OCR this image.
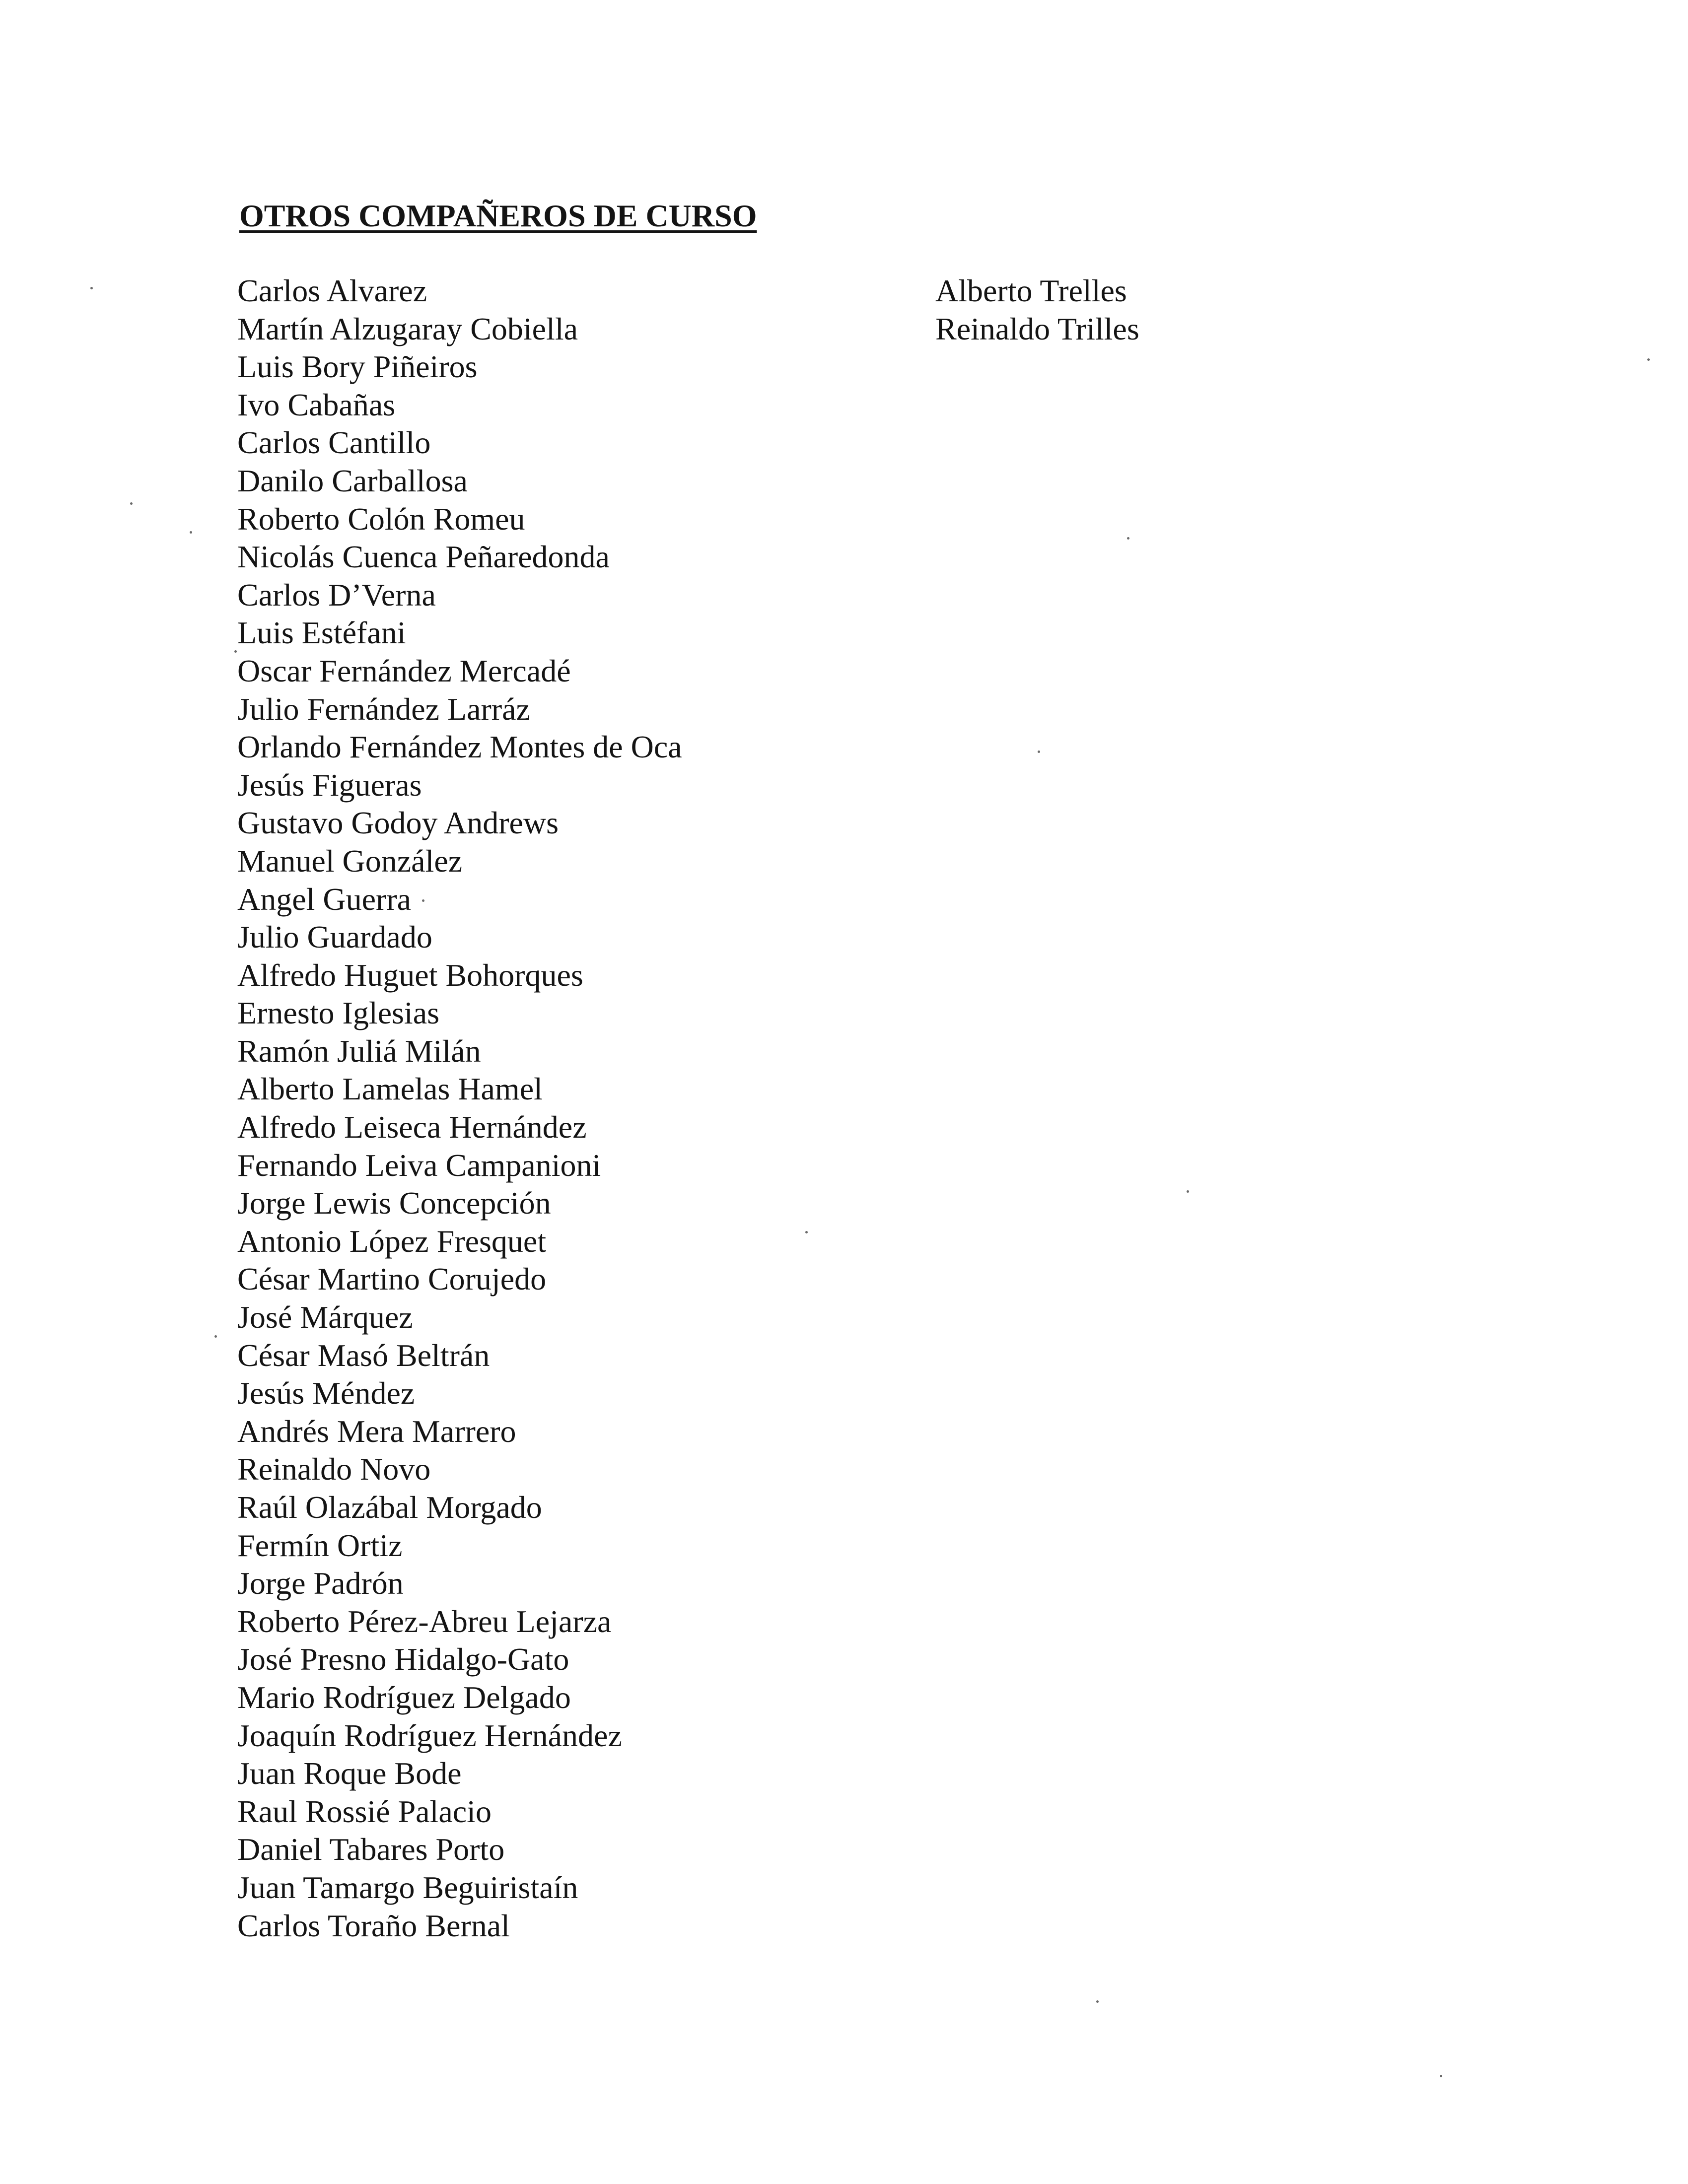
OTROS COMPAÑEROS DE CURSO
Carlos Alvarez
Martín Alzugaray Cobiella
Luis Bory Piñeiros
Ivo Cabañas
Carlos Cantillo
Danilo Carballosa
Roberto Colón Romeu
Nicolás Cuenca Peñaredonda
Carlos D’Verna
Luis Estéfani
Oscar Fernández Mercadé
Julio Fernández Larráz
Orlando Fernández Montes de Oca
Jesús Figueras
Gustavo Godoy Andrews
Manuel González
Angel Guerra
Julio Guardado
Alfredo Huguet Bohorques
Ernesto Iglesias
Ramón Juliá Milán
Alberto Lamelas Hamel
Alfredo Leiseca Hernández
Fernando Leiva Campanioni
Jorge Lewis Concepción
Antonio López Fresquet
César Martino Corujedo
José Márquez
César Masó Beltrán
Jesús Méndez
Andrés Mera Marrero
Reinaldo Novo
Raúl Olazábal Morgado
Fermín Ortiz
Jorge Padrón
Roberto Pérez-Abreu Lejarza
José Presno Hidalgo-Gato
Mario Rodríguez Delgado
Joaquín Rodríguez Hernández
Juan Roque Bode
Raul Rossié Palacio
Daniel Tabares Porto
Juan Tamargo Beguiristaín
Carlos Toraño Bernal
Alberto Trelles
Reinaldo Trilles
